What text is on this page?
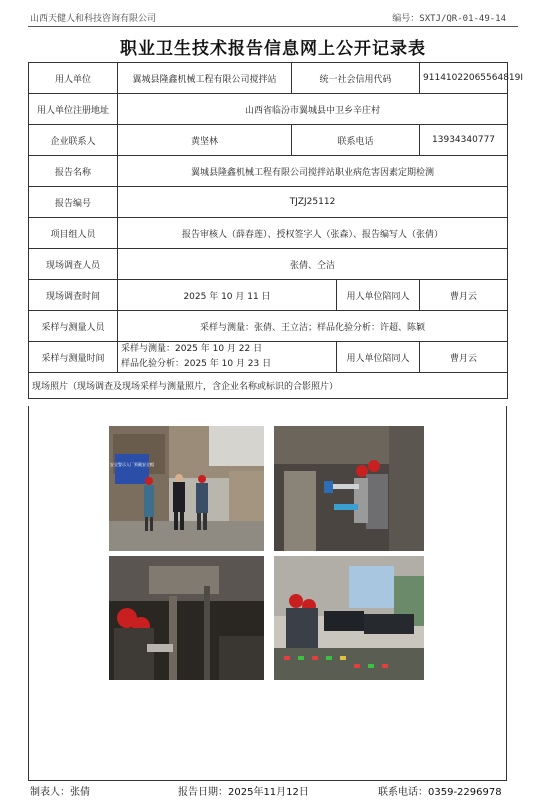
山西天健人和科技咨询有限公司	编号：SXTJ/QR-01-49-14
职业卫生技术报告信息网上公开记录表
用人单位	翼城县隆鑫机械工程有限公司搅拌站	统一社会信用代码		91141022065564819I
用人单位注册地址	山西省临汾市翼城县中卫乡辛庄村			
企业联系人	黄坚林	联系电话		13934340777
报告名称	翼城县隆鑫机械工程有限公司搅拌站职业病危害因素定期检测			
报告编号	TJZJ25112			
项目组人员	报告审核人（薛春莲）、授权签字人（张森）、报告编写人（张倩）			
现场调查人员	张倩、仝洁			
现场调查时间	2025 年 10 月 11 日		用人单位陪同人	曹月云
采样与测量人员	采样与测量：张倩、王立洁；样品化验分析：许超、陈颖			
采样与测量时间	采样与测量：2025 年 10 月 22 日
样品化验分析：2025 年 10 月 23 日		用人单位陪同人	曹月云
现场照片（现场调查及现场采样与测量照片，含企业名称或标识的合影照片）				
安全警示入厂须戴安全帽
制表人：张倩	报告日期：2025年11月12日	联系电话：0359-2296978
